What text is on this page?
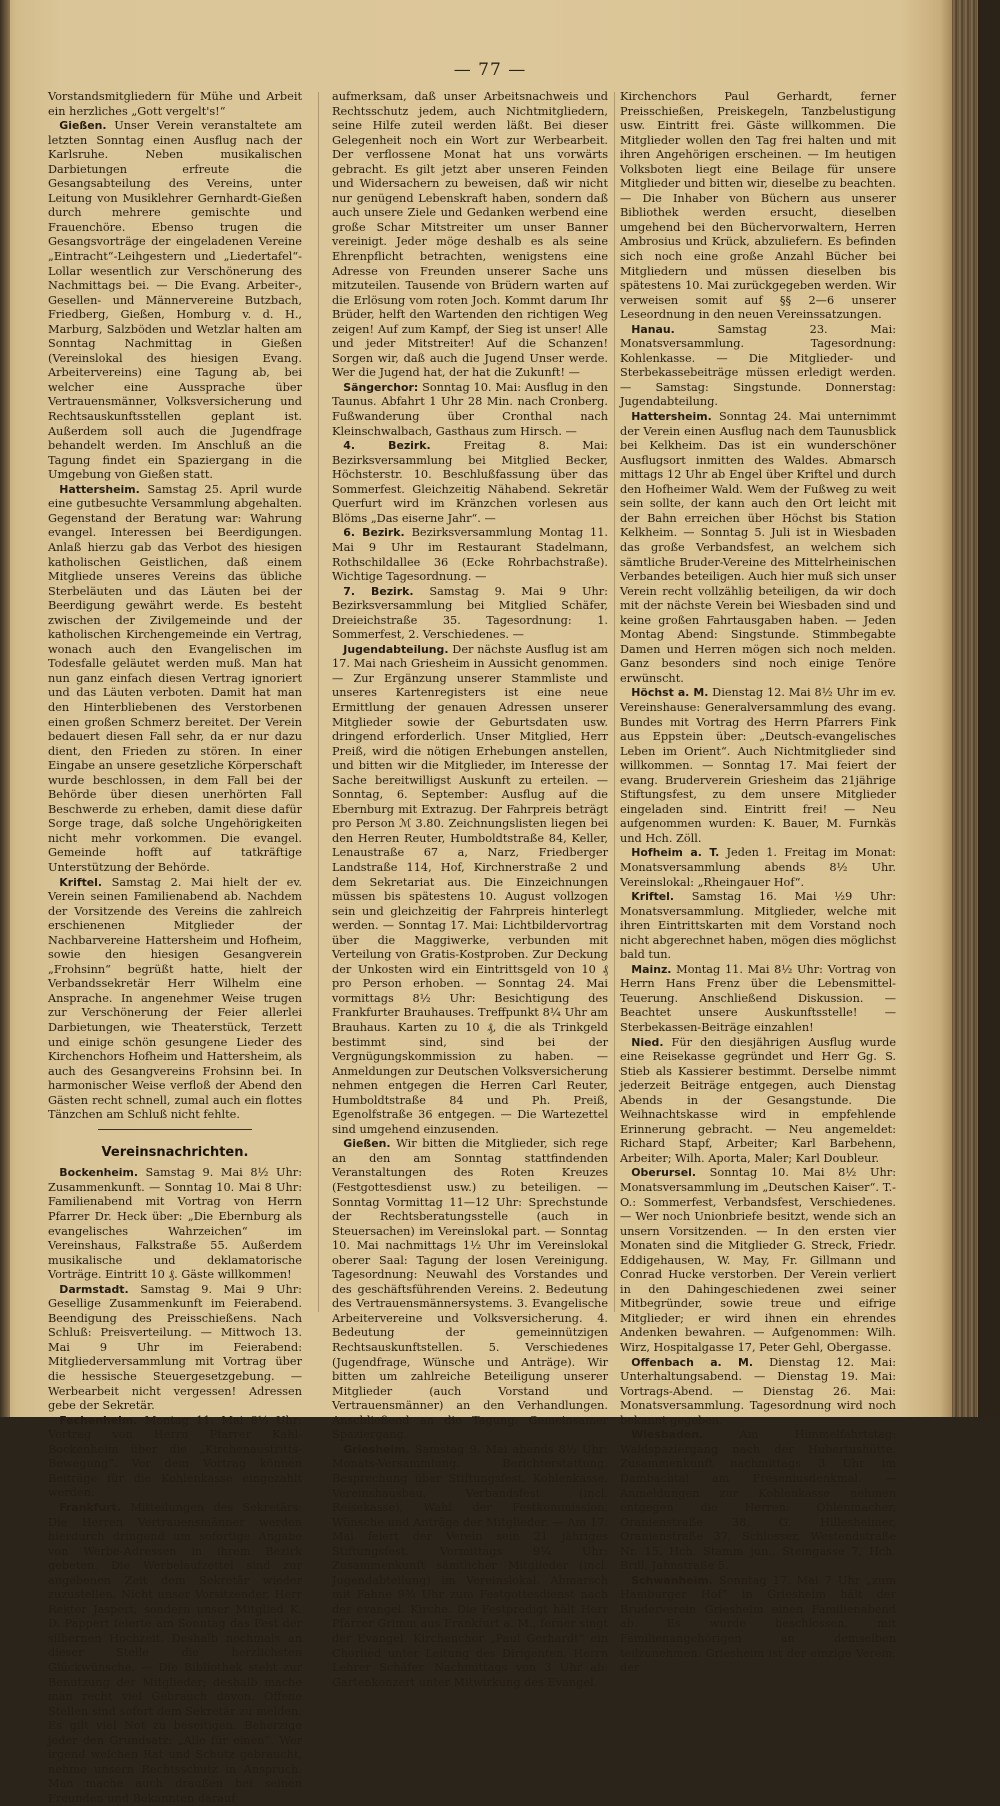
— 77 —

Vorstandsmitgliedern für Mühe und Arbeit ein herzliches „Gott vergelt's!“

 Gießen. Unser Verein veranstaltete am letzten Sonntag einen Ausflug nach der Karlsruhe. Neben musikalischen Darbietungen erfreute die Gesangsabteilung des Vereins, unter Leitung von Musiklehrer Gernhardt-Gießen durch mehrere gemischte und Frauenchöre. Ebenso trugen die Gesangsvorträge der eingeladenen Vereine „Eintracht“-Leihgestern und „Liedertafel“-Lollar wesentlich zur Verschönerung des Nachmittags bei. — Die Evang. Arbeiter-, Gesellen- und Männervereine Butzbach, Friedberg, Gießen, Homburg v. d. H., Marburg, Salzböden und Wetzlar halten am Sonntag Nachmittag in Gießen (Vereinslokal des hiesigen Evang. Arbeitervereins) eine Tagung ab, bei welcher eine Aussprache über Vertrauensmänner, Volksversicherung und Rechtsauskunftsstellen geplant ist. Außerdem soll auch die Jugendfrage behandelt werden. Im Anschluß an die Tagung findet ein Spaziergang in die Umgebung von Gießen statt.

 Hattersheim. Samstag 25. April wurde eine gutbesuchte Versammlung abgehalten. Gegenstand der Beratung war: Wahrung evangel. Interessen bei Beerdigungen. Anlaß hierzu gab das Verbot des hiesigen katholischen Geistlichen, daß einem Mitgliede unseres Vereins das übliche Sterbeläuten und das Läuten bei der Beerdigung gewährt werde. Es besteht zwischen der Zivilgemeinde und der katholischen Kirchengemeinde ein Vertrag, wonach auch den Evangelischen im Todesfalle geläutet werden muß. Man hat nun ganz einfach diesen Vertrag ignoriert und das Läuten verboten. Damit hat man den Hinterbliebenen des Verstorbenen einen großen Schmerz bereitet. Der Verein bedauert diesen Fall sehr, da er nur dazu dient, den Frieden zu stören. In einer Eingabe an unsere gesetzliche Körperschaft wurde beschlossen, in dem Fall bei der Behörde über diesen unerhörten Fall Beschwerde zu erheben, damit diese dafür Sorge trage, daß solche Ungehörigkeiten nicht mehr vorkommen. Die evangel. Gemeinde hofft auf tatkräftige Unterstützung der Behörde.

 Kriftel. Samstag 2. Mai hielt der ev. Verein seinen Familienabend ab. Nachdem der Vorsitzende des Vereins die zahlreich erschienenen Mitglieder der Nachbarvereine Hattersheim und Hofheim, sowie den hiesigen Gesangverein „Frohsinn“ begrüßt hatte, hielt der Verbandssekretär Herr Wilhelm eine Ansprache. In angenehmer Weise trugen zur Verschönerung der Feier allerlei Darbietungen, wie Theaterstück, Terzett und einige schön gesungene Lieder des Kirchenchors Hofheim und Hattersheim, als auch des Gesangvereins Frohsinn bei. In harmonischer Weise verfloß der Abend den Gästen recht schnell, zumal auch ein flottes Tänzchen am Schluß nicht fehlte.

Vereinsnachrichten.

 Bockenheim. Samstag 9. Mai 8½ Uhr: Zusammenkunft. — Sonntag 10. Mai 8 Uhr: Familienabend mit Vortrag von Herrn Pfarrer Dr. Heck über: „Die Ebernburg als evangelisches Wahrzeichen“ im Vereinshaus, Falkstraße 55. Außerdem musikalische und deklamatorische Vorträge. Eintritt 10 ₰. Gäste willkommen!

 Darmstadt. Samstag 9. Mai 9 Uhr: Gesellige Zusammenkunft im Feierabend. Beendigung des Preisschießens. Nach Schluß: Preisverteilung. — Mittwoch 13. Mai 9 Uhr im Feierabend: Mitgliederversammlung mit Vortrag über die hessische Steuergesetzgebung. — Werbearbeit nicht vergessen! Adressen gebe der Sekretär.

 Fechenheim. Montag 11. Mai 8½ Uhr: Vortrag von Herrn Pfarrer Kahl-Bockenheim über die „Kirchenaustritts-Bewegung“. Vor dem Vortrag können Beiträge für die Kohlenkasse eingezahlt werden.

 Frankfurt. Mitteilungen des Sekretärs: Die Herren Vertrauensmänner werden hierdurch dringend um sofortige Angabe von Werbe-Adressen in ihrem Bezirk gebeten. Die Werbelaufzettel sind zur angebenen Zeit dem Sekretär wieder zuzustellen. Nicht unser Vorsitzender, Herr Rektor Jaspert, sondern unser Mitglied K. D. Pappert feierte am Sonntag das Fest der silbernen Hochzeit. Deshalb nochmals an dieser Stelle die herzlichsten Glückwünsche. — Die Bibliothek steht zur Benutzung der Mitglieder; deshalb mache man recht viel Gebrauch davon. Offene Stellen sind sofort dem Sekretär zu melden. Es gilt viel Not zu beseitigen. Beherzige jeder den Grundsatz: „Alle für einen“. Wer irgend welchen Rat und Schutz gebraucht, nehme unsern Rechtsschutz in Anspruch. Man mache auch draußen bei seinen Freunden und Bekannten darauf

aufmerksam, daß unser Arbeitsnachweis und Rechtsschutz jedem, auch Nichtmitgliedern, seine Hilfe zuteil werden läßt. Bei dieser Gelegenheit noch ein Wort zur Werbearbeit. Der verflossene Monat hat uns vorwärts gebracht. Es gilt jetzt aber unseren Feinden und Widersachern zu beweisen, daß wir nicht nur genügend Lebenskraft haben, sondern daß auch unsere Ziele und Gedanken werbend eine große Schar Mitstreiter um unser Banner vereinigt. Jeder möge deshalb es als seine Ehrenpflicht betrachten, wenigstens eine Adresse von Freunden unserer Sache uns mitzuteilen. Tausende von Brüdern warten auf die Erlösung vom roten Joch. Kommt darum Ihr Brüder, helft den Wartenden den richtigen Weg zeigen! Auf zum Kampf, der Sieg ist unser! Alle und jeder Mitstreiter! Auf die Schanzen! Sorgen wir, daß auch die Jugend Unser werde. Wer die Jugend hat, der hat die Zukunft! —

 Sängerchor: Sonntag 10. Mai: Ausflug in den Taunus. Abfahrt 1 Uhr 28 Min. nach Cronberg. Fußwanderung über Cronthal nach Kleinschwalbach, Gasthaus zum Hirsch. —

 4. Bezirk.	Freitag 8. Mai: Bezirksversammlung bei Mitglied Becker, Höchsterstr. 10. Beschlußfassung über das Sommerfest. Gleichzeitig Nähabend. Sekretär Querfurt wird im Kränzchen vorlesen aus Blöms „Das eiserne Jahr“. —

 6. Bezirk. Bezirksversammlung Montag 11. Mai 9 Uhr im Restaurant Stadelmann, Rothschildallee 36 (Ecke Rohrbachstraße). Wichtige Tagesordnung. —

 7. Bezirk. Samstag 9. Mai 9 Uhr: Bezirksversammlung bei Mitglied Schäfer, Dreieichstraße 35. Tagesordnung: 1. Sommerfest, 2. Verschiedenes. —

 Jugendabteilung. Der nächste Ausflug ist am 17. Mai nach Griesheim in Aussicht genommen. — Zur Ergänzung unserer Stammliste und unseres Kartenregisters ist eine neue Ermittlung der genauen Adressen unserer Mitglieder sowie der Geburtsdaten usw. dringend erforderlich. Unser Mitglied, Herr Preiß, wird die nötigen Erhebungen anstellen, und bitten wir die Mitglieder, im Interesse der Sache bereitwilligst Auskunft zu erteilen. — Sonntag, 6. September: Ausflug auf die Ebernburg mit Extrazug. Der Fahrpreis beträgt pro Person ℳ 3.80. Zeichnungslisten liegen bei den Herren Reuter, Humboldtstraße 84, Keller, Lenaustraße 67 a, Narz, Friedberger Landstraße 114, Hof, Kirchnerstraße 2 und dem Sekretariat aus. Die Einzeichnungen müssen bis spätestens 10. August vollzogen sein und gleichzeitig der Fahrpreis hinterlegt werden. — Sonntag 17. Mai: Lichtbildervortrag über die Maggiwerke, verbunden mit Verteilung von Gratis-Kostproben. Zur Deckung der Unkosten wird ein Eintrittsgeld von 10 ₰ pro Person erhoben. — Sonntag 24. Mai vormittags 8½ Uhr: Besichtigung des Frankfurter Brauhauses. Treffpunkt 8¼ Uhr am Brauhaus. Karten zu 10 ₰, die als Trinkgeld bestimmt sind, sind bei der Vergnügungskommission zu haben. — Anmeldungen zur Deutschen Volksversicherung nehmen entgegen die Herren Carl Reuter, Humboldtstraße 84 und Ph. Preiß, Egenolfstraße 36 entgegen. — Die Wartezettel sind umgehend einzusenden.

 Gießen. Wir bitten die Mitglieder, sich rege an den am Sonntag stattfindenden Veranstaltungen des Roten Kreuzes (Festgottesdienst usw.) zu beteiligen. — Sonntag Vormittag 11—12 Uhr: Sprechstunde der Rechtsberatungsstelle (auch in Steuersachen) im Vereinslokal part. — Sonntag 10. Mai nachmittags 1½ Uhr im Vereinslokal oberer Saal: Tagung der losen Vereinigung. Tagesordnung: Neuwahl des Vorstandes und des geschäftsführenden Vereins. 2. Bedeutung des Vertrauensmännersystems. 3. Evangelische Arbeitervereine und Volksversicherung. 4. Bedeutung der gemeinnützigen Rechtsauskunftstellen. 5. Verschiedenes (Jugendfrage, Wünsche und Anträge). Wir bitten um zahlreiche Beteiligung unserer Mitglieder (auch Vorstand und Vertrauensmänner) an den Verhandlungen. Anschließend an die Tagung: Gemeinsamer Spaziergang.

 Griesheim. Samstag 9. Mai abends 8½ Uhr: Monats-Versammlung. Berichterstattung, Besprechung über Stiftungsfest, Kohlenkasse, Vereinshausbau, Verbandsfest (incl. Reisekasse), Wahl der Festkommission, Wünsche und Anträge der Mitglieder. — Am 17. Mai feiert der Verein sein 21 jähriges Stiftungsfest. Vormittags 9¼ Uhr: Zusammenkunft sämtlicher Mitglieder (incl. Jugendabteilung) im Vereinslokal. Abmarsch mit Fahne 9¾ Uhr zum Festgottesdienst nach der evangel. Kirche. Die Festpredigt hält Herr Pfarrer Grimm aus Frankfurt a. M., ferner singt der Evangel. Kirchenchor „Paul Gerhardt“ ein Chorlied unter Leitung des Dirigenten, Herrn Lehrer Schäfer. Nachmittags von 3 Uhr ab: Gartenkonzert unter Mitwirkung des Evangel.

Kirchenchors Paul Gerhardt, ferner Preisschießen, Preiskegeln, Tanzbelustigung usw. Eintritt frei. Gäste willkommen. Die Mitglieder wollen den Tag frei halten und mit ihren Angehörigen erscheinen. — Im heutigen Volksboten liegt eine Beilage für unsere Mitglieder und bitten wir, dieselbe zu beachten. — Die Inhaber von Büchern aus unserer Bibliothek werden ersucht, dieselben umgehend bei den Büchervorwaltern, Herren Ambrosius und Krück, abzuliefern. Es befinden sich noch eine große Anzahl Bücher bei Mitgliedern und müssen dieselben bis spätestens 10. Mai zurückgegeben werden. Wir verweisen somit auf §§ 2—6 unserer Leseordnung in den neuen Vereinssatzungen.

 Hanau.	Samstag 23. Mai: Monatsversammlung. Tagesordnung: Kohlenkasse. — Die Mitglieder- und Sterbekassebeiträge müssen erledigt werden. — Samstag: Singstunde. Donnerstag: Jugendabteilung.

 Hattersheim. Sonntag 24. Mai unternimmt der Verein einen Ausflug nach dem Taunusblick bei Kelkheim. Das ist ein wunderschöner Ausflugsort inmitten des Waldes. Abmarsch mittags 12 Uhr ab Engel über Kriftel und durch den Hofheimer Wald. Wem der Fußweg zu weit sein sollte, der kann auch den Ort leicht mit der Bahn erreichen über Höchst bis Station Kelkheim. — Sonntag 5. Juli ist in Wiesbaden das große Verbandsfest, an welchem sich sämtliche Bruder-Vereine des Mittelrheinischen Verbandes beteiligen. Auch hier muß sich unser Verein recht vollzählig beteiligen, da wir doch mit der nächste Verein bei Wiesbaden sind und keine großen Fahrtausgaben haben. — Jeden Montag Abend: Singstunde. Stimmbegabte Damen und Herren mögen sich noch melden. Ganz besonders sind noch einige Tenöre erwünscht.

 Höchst a. M. Dienstag 12. Mai 8½ Uhr im ev. Vereinshause: Generalversammlung des evang. Bundes mit Vortrag des Herrn Pfarrers Fink aus Eppstein über: „Deutsch-evangelisches Leben im Orient“. Auch Nichtmitglieder sind willkommen. — Sonntag 17. Mai feiert der evang. Bruderverein Griesheim das 21jährige Stiftungsfest, zu dem unsere Mitglieder eingeladen sind. Eintritt frei! — Neu aufgenommen wurden: K. Bauer, M. Furnkäs und Hch. Zöll.

 Hofheim a. T. Jeden 1. Freitag im Monat: Monatsversammlung abends 8½ Uhr. Vereinslokal: „Rheingauer Hof“.

 Kriftel. Samstag 16. Mai ½9 Uhr: Monatsversammlung. Mitglieder, welche mit ihren Eintrittskarten mit dem Vorstand noch nicht abgerechnet haben, mögen dies möglichst bald tun.

 Mainz. Montag 11. Mai 8½ Uhr: Vortrag von Herrn Hans Frenz über die Lebensmittel-Teuerung. Anschließend Diskussion. — Beachtet unsere Auskunftsstelle! — Sterbekassen-Beiträge einzahlen!

 Nied. Für den diesjährigen Ausflug wurde eine Reisekasse gegründet und Herr Gg. S. Stieb als Kassierer bestimmt. Derselbe nimmt jederzeit Beiträge entgegen, auch Dienstag Abends in der Gesangstunde. Die Weihnachtskasse wird in empfehlende Erinnerung gebracht. — Neu angemeldet: Richard Stapf, Arbeiter; Karl Barbehenn, Arbeiter; Wilh. Aporta, Maler; Karl Doubleur.

 Oberursel. Sonntag 10. Mai 8½ Uhr: Monatsversammlung im „Deutschen Kaiser“. T.-O.: Sommerfest, Verbandsfest, Verschiedenes. — Wer noch Unionbriefe besitzt, wende sich an unsern Vorsitzenden. — In den ersten vier Monaten sind die Mitglieder G. Streck, Friedr. Eddigehausen, W. May, Fr. Gillmann und Conrad Hucke verstorben. Der Verein verliert in den Dahingeschiedenen zwei seiner Mitbegründer, sowie treue und eifrige Mitglieder; er wird ihnen ein ehrendes Andenken bewahren. — Aufgenommen: Wilh. Wirz, Hospitalgasse 17, Peter Gehl, Obergasse.

 Offenbach a. M. Dienstag 12. Mai: Unterhaltungsabend. — Dienstag 19. Mai: Vortrags-Abend. — Dienstag 26. Mai: Monatsversammlung. Tagesordnung wird noch bekannt gegeben.

 Wiesbaden.	Am Himmelfahrtstag: Waldspaziergang nach der Hubertushütte. Zusammenkunft nachmittags 3 Uhr im Dambachtal am Freseniusdenkmal. — Anmeldungen zur Kohlenkasse nehmen entgegen die Herren: Ohlenmacher, Oranienstraße 38, G. Hillesheimer, Oranienstraße 37, Schlosser, Westendstraße Nr. 15, Hch. Stamm jun., Steingasse 7, Hch. Brill, Jahnstraße 5.

 Schwanheim. Sonntag 17. Mai 7 Uhr „zum Hamburger Hof“ in Griesheim hält der Bruderverein Griesheim einen Familienabend ab. Es wurde beschlossen, mit Familienangehörigen an demselben teilzunehmen. Griesheim ist der einzige Verein, der
